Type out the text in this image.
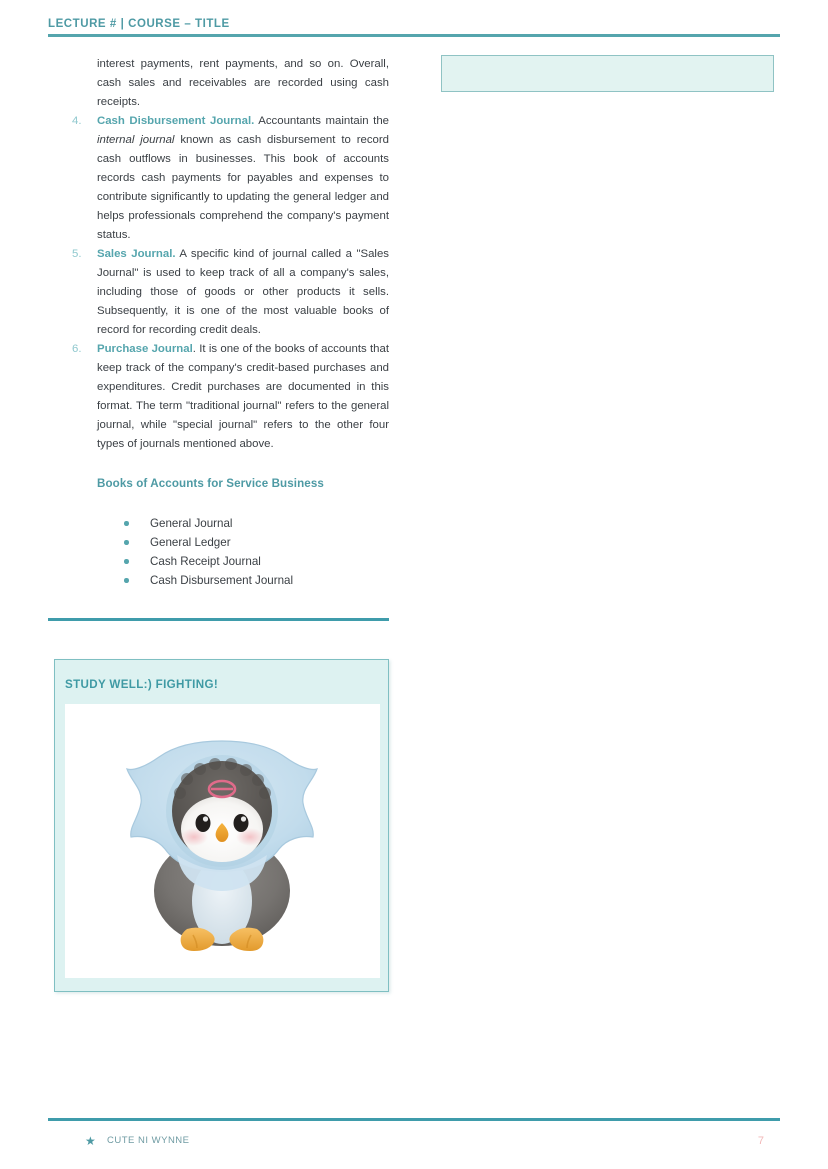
LECTURE # | COURSE – TITLE

interest payments, rent payments, and so on. Overall, cash sales and receivables are recorded using cash receipts.

4.	Cash Disbursement Journal. Accountants maintain the internal journal known as cash disbursement to record cash outflows in businesses. This book of accounts records cash payments for payables and expenses to contribute significantly to updating the general ledger and helps professionals comprehend the company's payment status.
5.	Sales Journal. A specific kind of journal called a "Sales Journal" is used to keep track of all a company's sales, including those of goods or other products it sells. Subsequently, it is one of the most valuable books of record for recording credit deals.
6.	Purchase Journal. It is one of the books of accounts that keep track of the company's credit-based purchases and expenditures. Credit purchases are documented in this format. The term "traditional journal" refers to the general journal, while "special journal" refers to the other four types of journals mentioned above.
Books of Accounts for Service Business
General Journal
General Ledger
Cash Receipt Journal
Cash Disbursement Journal
STUDY WELL:) FIGHTING!
★ CUTE NI WYNNE	7
